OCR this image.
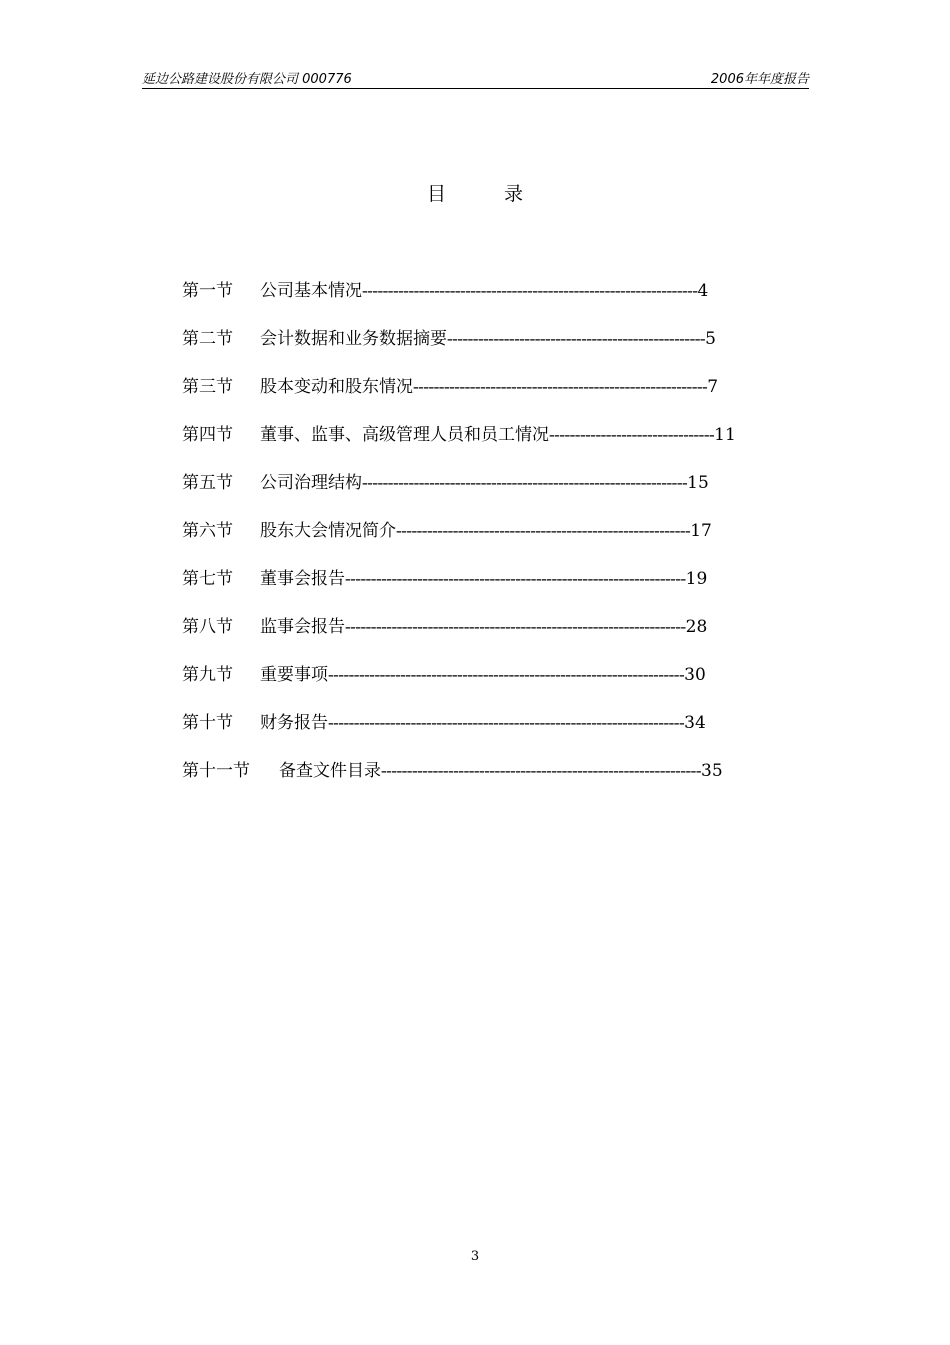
延边公路建设股份有限公司 000776	2006年年度报告
目	录
第一节 公司基本情况-----------------------------------------------------------------4
第二节 会计数据和业务数据摘要--------------------------------------------------5
第三节 股本变动和股东情况---------------------------------------------------------7
第四节 董事、监事、高级管理人员和员工情况--------------------------------11
第五节 公司治理结构---------------------------------------------------------------15
第六节 股东大会情况简介---------------------------------------------------------17
第七节 董事会报告------------------------------------------------------------------19
第八节 监事会报告------------------------------------------------------------------28
第九节 重要事项---------------------------------------------------------------------30
第十节 财务报告---------------------------------------------------------------------34
第十一节 备查文件目录--------------------------------------------------------------35
3
